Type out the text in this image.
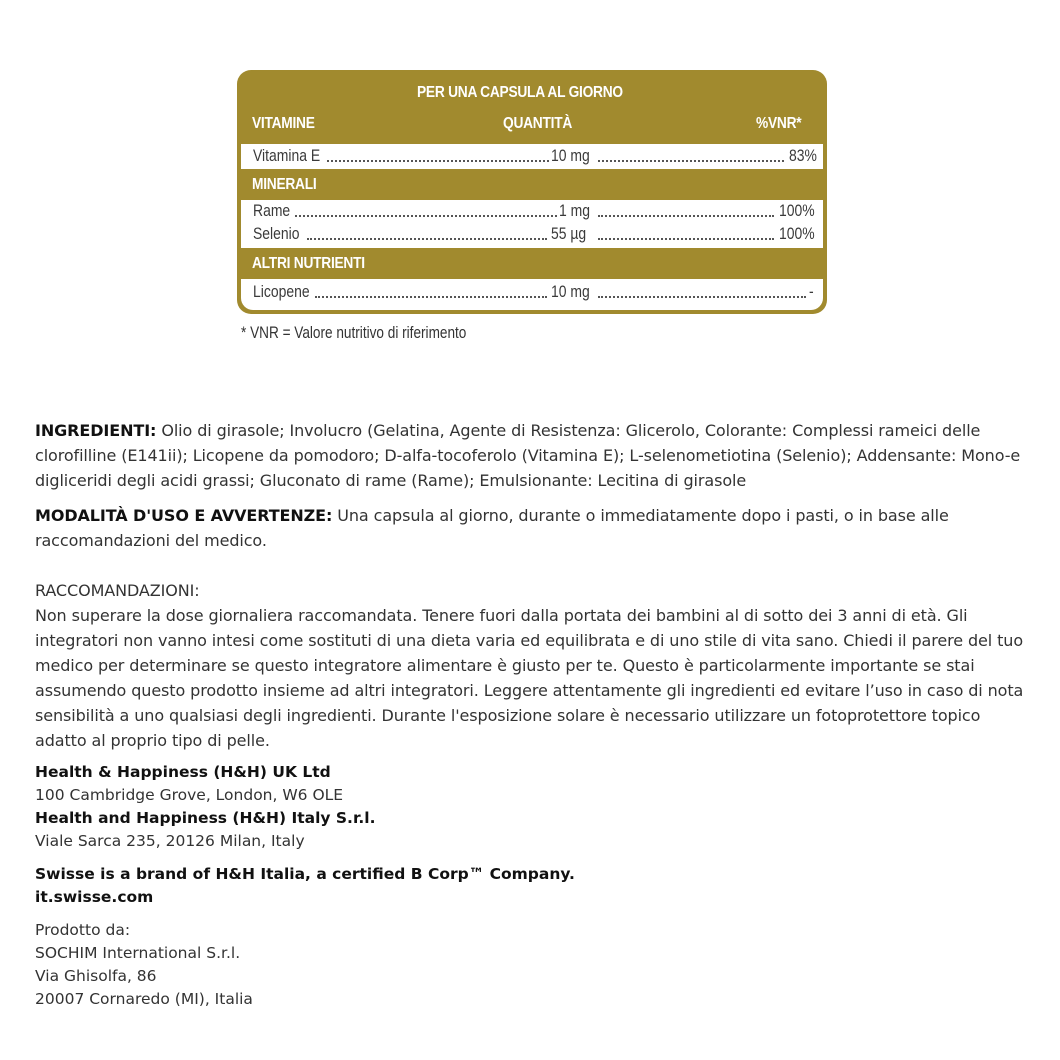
PER UNA CAPSULA AL GIORNO
VITAMINE	QUANTITÀ	%VNR*
Vitamina E	10 mg	83%
MINERALI
Rame	1 mg	100%
Selenio	55 µg	100%
ALTRI NUTRIENTI
Licopene	10 mg	-
* VNR = Valore nutritivo di riferimento
INGREDIENTI: Olio di girasole; Involucro (Gelatina, Agente di Resistenza: Glicerolo, Colorante: Complessi rameici delle clorofilline (E141ii); Licopene da pomodoro; D-alfa-tocoferolo (Vitamina E); L-selenometiotina (Selenio); Addensante: Mono-e digliceridi degli acidi grassi; Gluconato di rame (Rame); Emulsionante: Lecitina di girasole
MODALITÀ D'USO E AVVERTENZE: Una capsula al giorno, durante o immediatamente dopo i pasti, o in base alle raccomandazioni del medico.
RACCOMANDAZIONI:
Non superare la dose giornaliera raccomandata. Tenere fuori dalla portata dei bambini al di sotto dei 3 anni di età. Gli integratori non vanno intesi come sostituti di una dieta varia ed equilibrata e di uno stile di vita sano. Chiedi il parere del tuo medico per determinare se questo integratore alimentare è giusto per te. Questo è particolarmente importante se stai assumendo questo prodotto insieme ad altri integratori. Leggere attentamente gli ingredienti ed evitare l’uso in caso di nota sensibilità a uno qualsiasi degli ingredienti. Durante l'esposizione solare è necessario utilizzare un fotoprotettore topico adatto al proprio tipo di pelle.
Health & Happiness (H&H) UK Ltd
100 Cambridge Grove, London, W6 OLE
Health and Happiness (H&H) Italy S.r.l.
Viale Sarca 235, 20126 Milan, Italy
Swisse is a brand of H&H Italia, a certified B Corp™ Company.
it.swisse.com
Prodotto da:
SOCHIM International S.r.l.
Via Ghisolfa, 86
20007 Cornaredo (MI), Italia
